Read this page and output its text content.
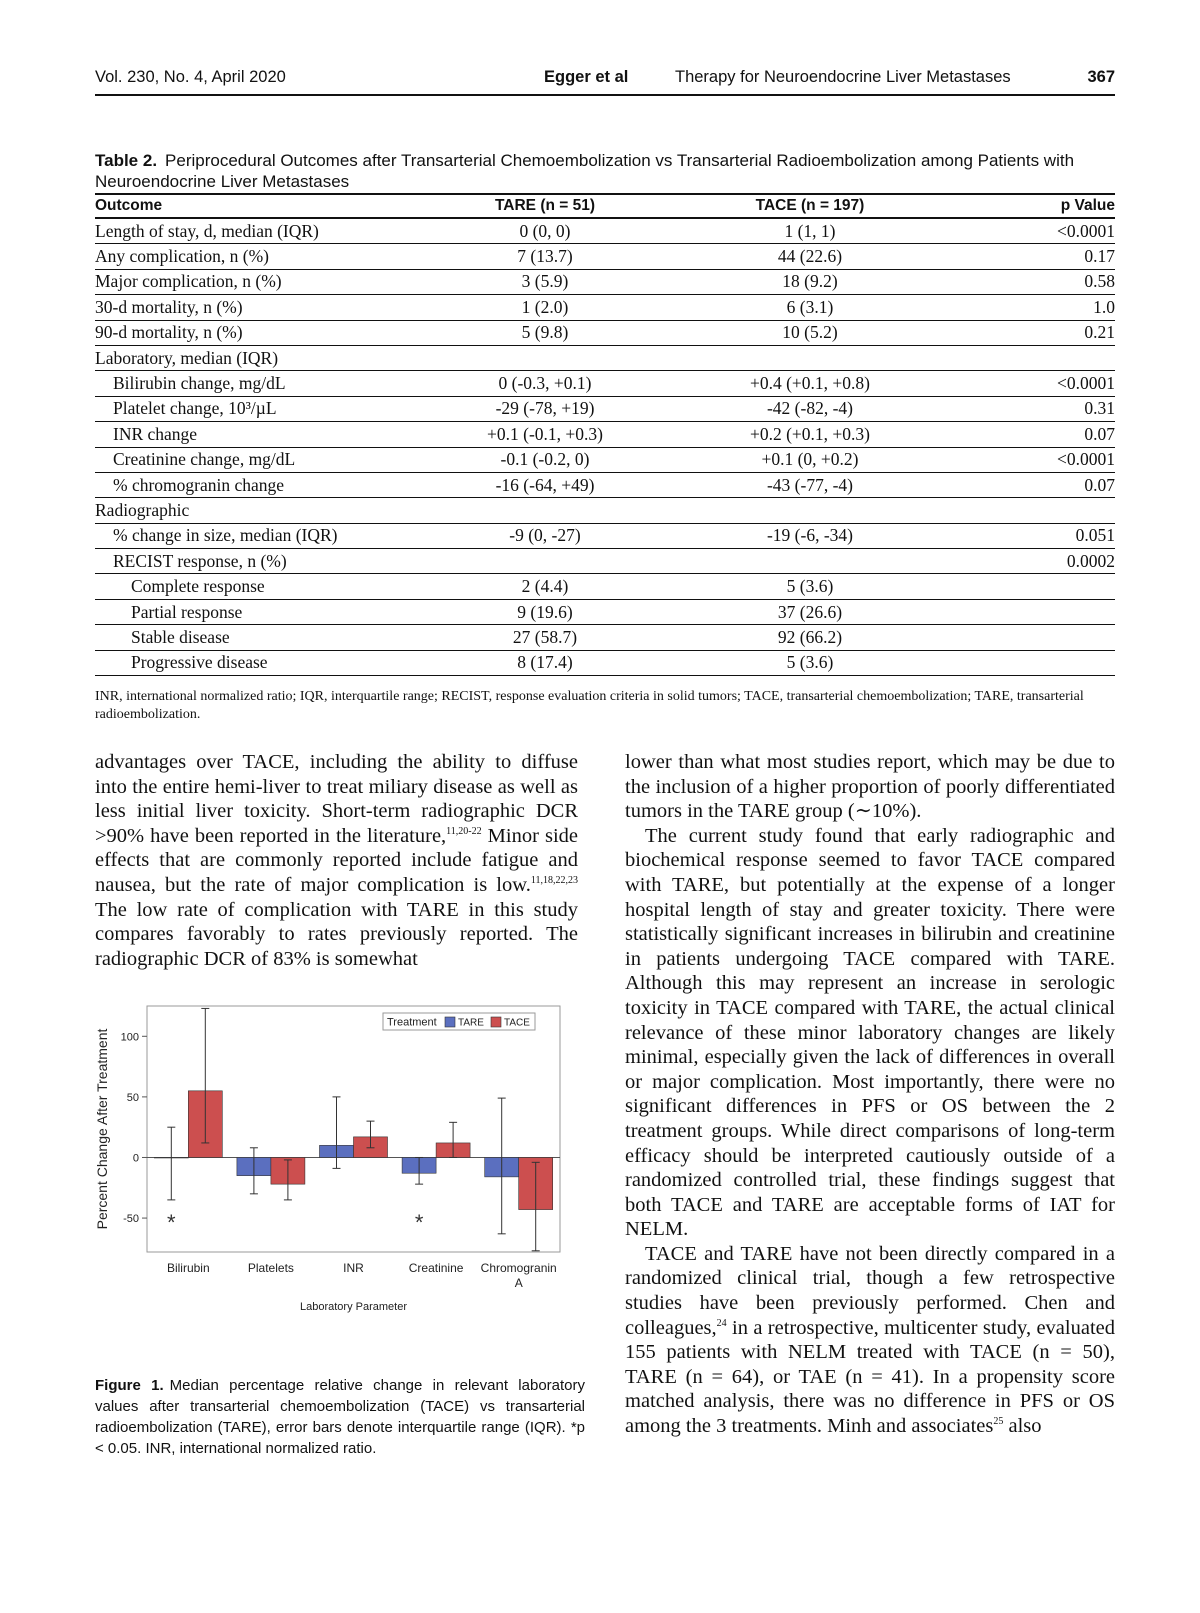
Vol. 230, No. 4, April 2020	Egger et al	Therapy for Neuroendocrine Liver Metastases	367
Table 2. Periprocedural Outcomes after Transarterial Chemoembolization vs Transarterial Radioembolization among Patients with Neuroendocrine Liver Metastases
Outcome	TARE (n = 51)	TACE (n = 197)	p Value
Length of stay, d, median (IQR)	0 (0, 0)	1 (1, 1)	<0.0001
Any complication, n (%)	7 (13.7)	44 (22.6)	0.17
Major complication, n (%)	3 (5.9)	18 (9.2)	0.58
30-d mortality, n (%)	1 (2.0)	6 (3.1)	1.0
90-d mortality, n (%)	5 (9.8)	10 (5.2)	0.21
Laboratory, median (IQR)			
Bilirubin change, mg/dL	0 (-0.3, +0.1)	+0.4 (+0.1, +0.8)	<0.0001
Platelet change, 10³/µL	-29 (-78, +19)	-42 (-82, -4)	0.31
INR change	+0.1 (-0.1, +0.3)	+0.2 (+0.1, +0.3)	0.07
Creatinine change, mg/dL	-0.1 (-0.2, 0)	+0.1 (0, +0.2)	<0.0001
% chromogranin change	-16 (-64, +49)	-43 (-77, -4)	0.07
Radiographic			
% change in size, median (IQR)	-9 (0, -27)	-19 (-6, -34)	0.051
RECIST response, n (%)			0.0002
Complete response	2 (4.4)	5 (3.6)	
Partial response	9 (19.6)	37 (26.6)	
Stable disease	27 (58.7)	92 (66.2)	
Progressive disease	8 (17.4)	5 (3.6)	
INR, international normalized ratio; IQR, interquartile range; RECIST, response evaluation criteria in solid tumors; TACE, transarterial chemoembolization; TARE, transarterial radioembolization.

advantages over TACE, including the ability to diffuse into the entire hemi-liver to treat miliary disease as well as less initial liver toxicity. Short-term radiographic DCR >90% have been reported in the literature,$^{11,20-22}$ Minor side effects that are commonly reported include fatigue and nausea, but the rate of major complication is low.$^{11,18,22,23}$ The low rate of complication with TARE in this study compares favorably to rates previously reported. The radiographic DCR of 83% is somewhat

lower than what most studies report, which may be due to the inclusion of a higher proportion of poorly differentiated tumors in the TARE group (∼10%).

The current study found that early radiographic and biochemical response seemed to favor TACE compared with TARE, but potentially at the expense of a longer hospital length of stay and greater toxicity. There were statistically significant increases in bilirubin and creatinine in patients undergoing TACE compared with TARE. Although this may represent an increase in serologic toxicity in TACE compared with TARE, the actual clinical relevance of these minor laboratory changes are likely minimal, especially given the lack of differences in overall or major complication. Most importantly, there were no significant differences in PFS or OS between the 2 treatment groups. While direct comparisons of long-term efficacy should be interpreted cautiously outside of a randomized controlled trial, these findings suggest that both TACE and TARE are acceptable forms of IAT for NELM.

TACE and TARE have not been directly compared in a randomized clinical trial, though a few retrospective studies have been previously performed. Chen and colleagues,$^{24}$ in a retrospective, multicenter study, evaluated 155 patients with NELM treated with TACE (n = 50), TARE (n = 64), or TAE (n = 41). In a propensity score matched analysis, there was no difference in PFS or OS among the 3 treatments. Minh and associates$^{25}$ also

-50
0
50
100
Percent Change After Treatment
Bilirubin	Platelets	INR	Creatinine Chromogranin
A
*	*
Laboratory Parameter
Treatment TARE TACE
Figure 1. Median percentage relative change in relevant laboratory values after transarterial chemoembolization (TACE) vs transarterial radioembolization (TARE), error bars denote interquartile range (IQR). *p < 0.05. INR, international normalized ratio.
